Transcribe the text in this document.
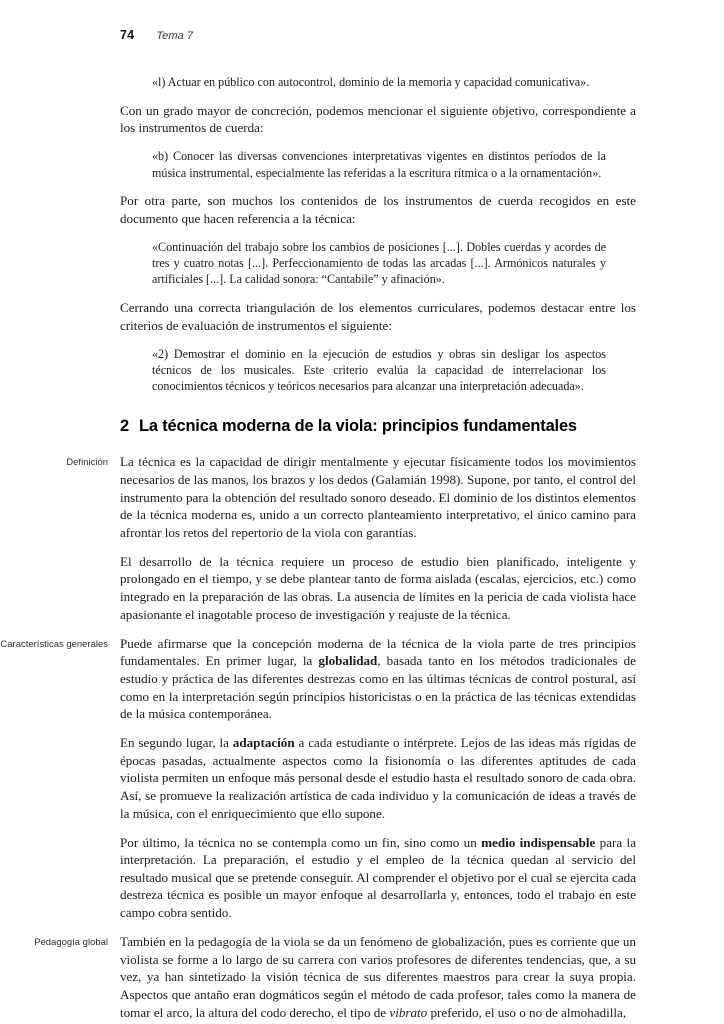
74 Tema 7
Definición
Características generales
Pedagogía global
«l) Actuar en público con autocontrol, dominio de la memoria y capacidad comunicativa».

Con un grado mayor de concreción, podemos mencionar el siguiente objetivo, correspondiente a los instrumentos de cuerda:

«b) Conocer las diversas convenciones interpretativas vigentes en distintos períodos de la música instrumental, especialmente las referidas a la escritura rítmica o a la ornamentación».

Por otra parte, son muchos los contenidos de los instrumentos de cuerda recogidos en este documento que hacen referencia a la técnica:

«Continuación del trabajo sobre los cambios de posiciones [...]. Dobles cuerdas y acordes de tres y cuatro notas [...]. Perfeccionamiento de todas las arcadas [...]. Armónicos naturales y artificiales [...]. La calidad sonora: “Cantabile” y afinación».

Cerrando una correcta triangulación de los elementos curriculares, podemos destacar entre los criterios de evaluación de instrumentos el siguiente:

«2) Demostrar el dominio en la ejecución de estudios y obras sin desligar los aspectos técnicos de los musicales. Este criterio evalúa la capacidad de interrelacionar los conocimientos técnicos y teóricos necesarios para alcanzar una interpretación adecuada».
2 La técnica moderna de la viola: principios fundamentales

La técnica es la capacidad de dirigir mentalmente y ejecutar físicamente todos los movimientos necesarios de las manos, los brazos y los dedos (Galamián 1998). Supone, por tanto, el control del instrumento para la obtención del resultado sonoro deseado. El dominio de los distintos elementos de la técnica moderna es, unido a un correcto planteamiento interpretativo, el único camino para afrontar los retos del repertorio de la viola con garantías.

El desarrollo de la técnica requiere un proceso de estudio bien planificado, inteligente y prolongado en el tiempo, y se debe plantear tanto de forma aislada (escalas, ejercicios, etc.) como integrado en la preparación de las obras. La ausencia de límites en la pericia de cada violista hace apasionante el inagotable proceso de investigación y reajuste de la técnica.

Puede afirmarse que la concepción moderna de la técnica de la viola parte de tres principios fundamentales. En primer lugar, la globalidad, basada tanto en los métodos tradicionales de estudio y práctica de las diferentes destrezas como en las últimas técnicas de control postural, así como en la interpretación según principios historicistas o en la práctica de las técnicas extendidas de la música contemporánea.

En segundo lugar, la adaptación a cada estudiante o intérprete. Lejos de las ideas más rígidas de épocas pasadas, actualmente aspectos como la fisionomía o las diferentes aptitudes de cada violista permiten un enfoque más personal desde el estudio hasta el resultado sonoro de cada obra. Así, se promueve la realización artística de cada individuo y la comunicación de ideas a través de la música, con el enriquecimiento que ello supone.

Por último, la técnica no se contempla como un fin, sino como un medio indispensable para la interpretación. La preparación, el estudio y el empleo de la técnica quedan al servicio del resultado musical que se pretende conseguir. Al comprender el objetivo por el cual se ejercita cada destreza técnica es posible un mayor enfoque al desarrollarla y, entonces, todo el trabajo en este campo cobra sentido.

También en la pedagogía de la viola se da un fenómeno de globalización, pues es corriente que un violista se forme a lo largo de su carrera con varios profesores de diferentes tendencias, que, a su vez, ya han sintetizado la visión técnica de sus diferentes maestros para crear la suya propia. Aspectos que antaño eran dogmáticos según el método de cada profesor, tales como la manera de tomar el arco, la altura del codo derecho, el tipo de vibrato preferido, el uso o no de almohadilla,
